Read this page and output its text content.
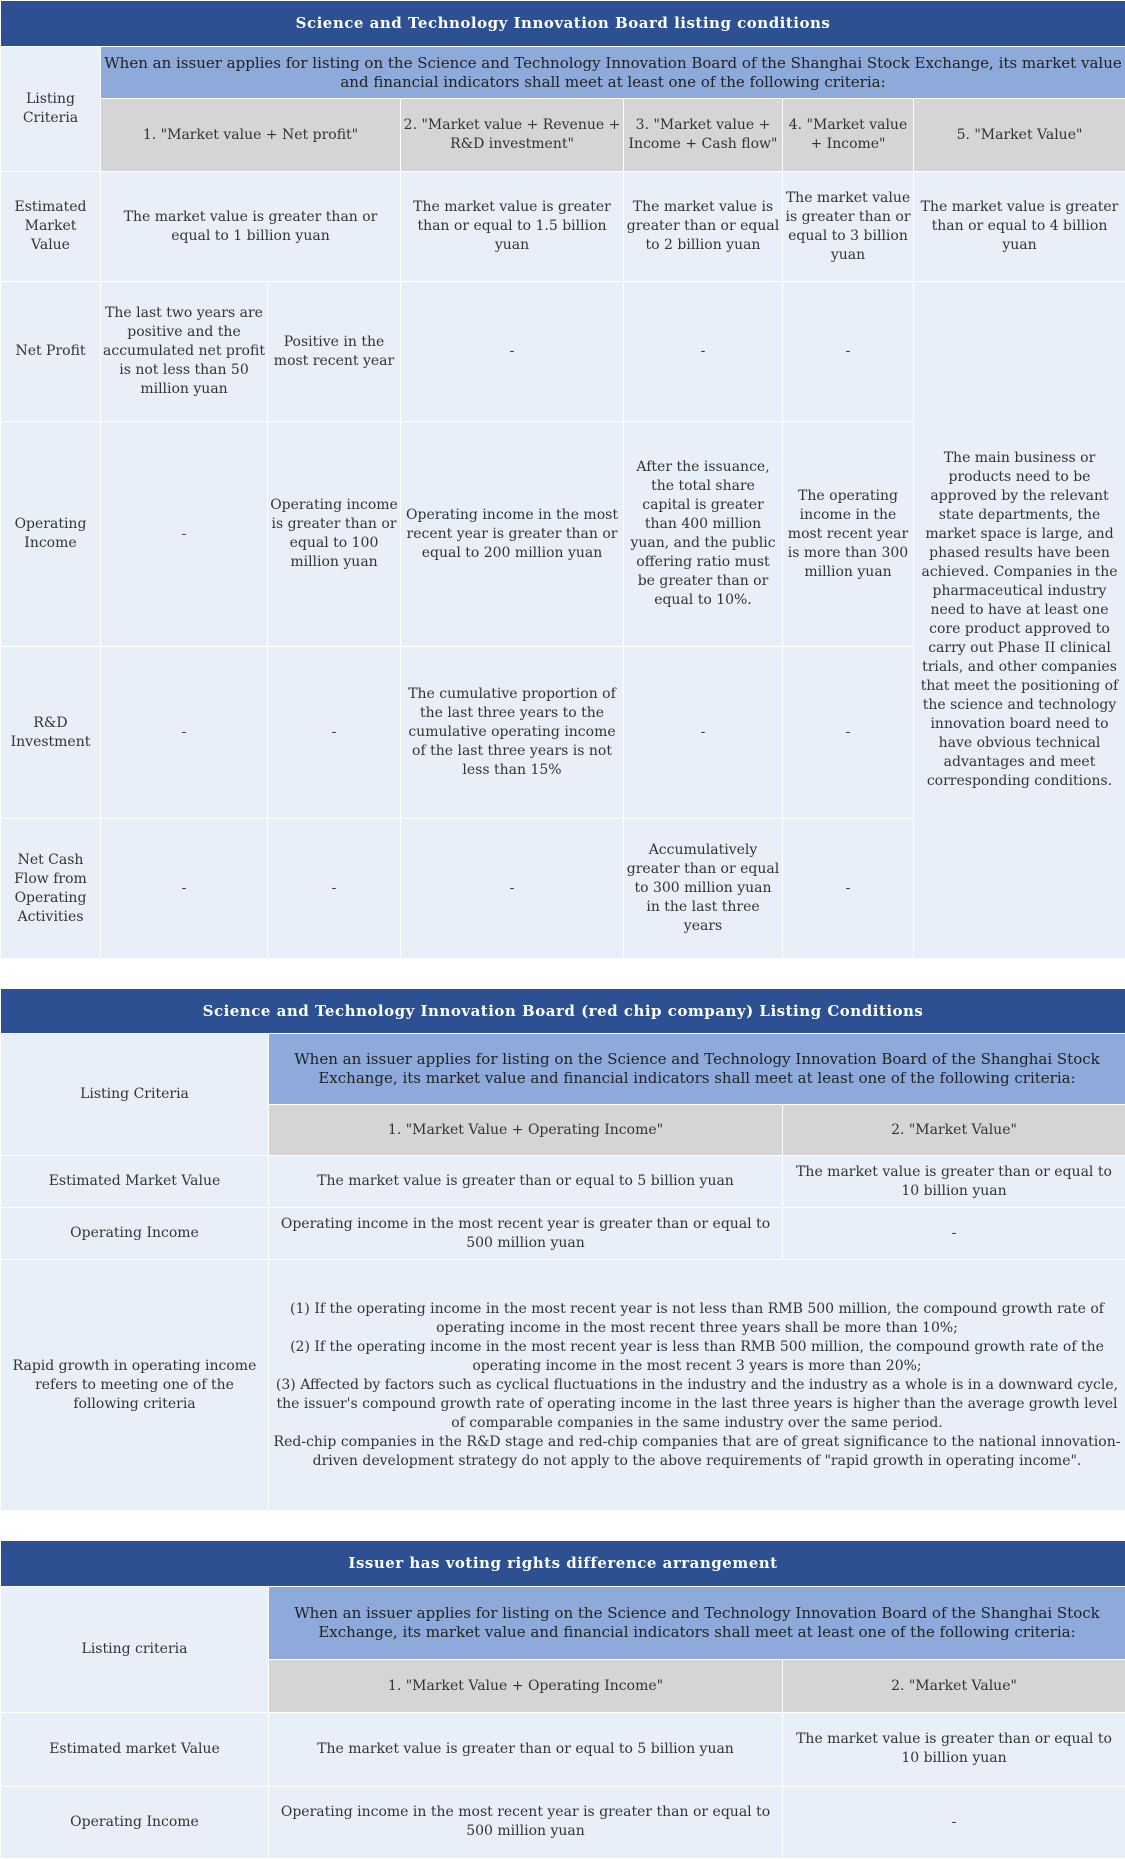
Science and Technology Innovation Board listing conditions						
Listing Criteria	When an issuer applies for listing on the Science and Technology Innovation Board of the Shanghai Stock Exchange, its market value and financial indicators shall meet at least one of the following criteria:					
	1. "Market value + Net profit"		2. "Market value + Revenue + R&D investment"	3. "Market value + Income + Cash flow"	4. "Market value + Income"	5. "Market Value"
Estimated Market Value	The market value is greater than or equal to 1 billion yuan		The market value is greater than or equal to 1.5 billion yuan	The market value is greater than or equal to 2 billion yuan	The market value is greater than or equal to 3 billion yuan	The market value is greater than or equal to 4 billion yuan
Net Profit	The last two years are positive and the accumulated net profit is not less than 50 million yuan	Positive in the most recent year	-	-	-	The main business or products need to be approved by the relevant state departments, the market space is large, and phased results have been achieved. Companies in the pharmaceutical industry need to have at least one core product approved to carry out Phase II clinical trials, and other companies that meet the positioning of the science and technology innovation board need to have obvious technical advantages and meet corresponding conditions.
Operating Income	-	Operating income is greater than or equal to 100 million yuan	Operating income in the most recent year is greater than or equal to 200 million yuan	After the issuance, the total share capital is greater than 400 million yuan, and the public offering ratio must be greater than or equal to 10%.	The operating income in the most recent year is more than 300 million yuan	
R&D Investment	-	-	The cumulative proportion of the last three years to the cumulative operating income of the last three years is not less than 15%	-	-	
Net Cash Flow from Operating Activities	-	-	-	Accumulatively greater than or equal to 300 million yuan in the last three years	-	
Science and Technology Innovation Board (red chip company) Listing Conditions		
Listing Criteria	When an issuer applies for listing on the Science and Technology Innovation Board of the Shanghai Stock Exchange, its market value and financial indicators shall meet at least one of the following criteria:	
	1. "Market Value + Operating Income"	2. "Market Value"
Estimated Market Value	The market value is greater than or equal to 5 billion yuan	The market value is greater than or equal to 10 billion yuan
Operating Income	Operating income in the most recent year is greater than or equal to 500 million yuan	-
Rapid growth in operating income refers to meeting one of the following criteria	(1) If the operating income in the most recent year is not less than RMB 500 million, the compound growth rate of operating income in the most recent three years shall be more than 10%;
(2) If the operating income in the most recent year is less than RMB 500 million, the compound growth rate of the operating income in the most recent 3 years is more than 20%;
(3) Affected by factors such as cyclical fluctuations in the industry and the industry as a whole is in a downward cycle, the issuer's compound growth rate of operating income in the last three years is higher than the average growth level of comparable companies in the same industry over the same period.
Red-chip companies in the R&D stage and red-chip companies that are of great significance to the national innovation-driven development strategy do not apply to the above requirements of "rapid growth in operating income".	
Issuer has voting rights difference arrangement		
Listing criteria	When an issuer applies for listing on the Science and Technology Innovation Board of the Shanghai Stock Exchange, its market value and financial indicators shall meet at least one of the following criteria:	
	1. "Market Value + Operating Income"	2. "Market Value"
Estimated market Value	The market value is greater than or equal to 5 billion yuan	The market value is greater than or equal to 10 billion yuan
Operating Income	Operating income in the most recent year is greater than or equal to 500 million yuan	-
